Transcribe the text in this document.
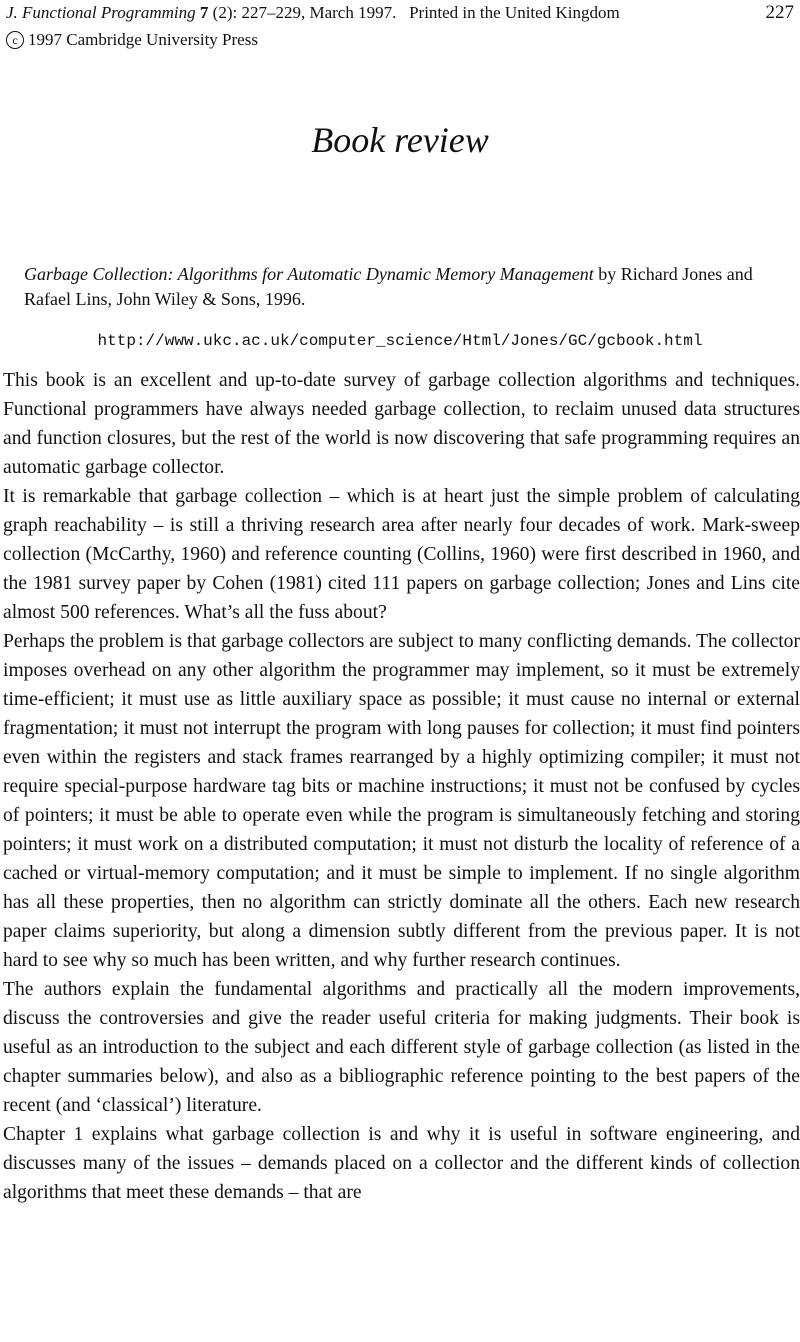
J. Functional Programming 7 (2): 227–229, March 1997. Printed in the United Kingdom	227
c 1997 Cambridge University Press
Book review
Garbage Collection: Algorithms for Automatic Dynamic Memory Management by Richard Jones and Rafael Lins, John Wiley & Sons, 1996.
http://www.ukc.ac.uk/computer_science/Html/Jones/GC/gcbook.html

This book is an excellent and up-to-date survey of garbage collection algorithms and techniques. Functional programmers have always needed garbage collection, to reclaim unused data structures and function closures, but the rest of the world is now discovering that safe programming requires an automatic garbage collector.

It is remarkable that garbage collection – which is at heart just the simple problem of calculating graph reachability – is still a thriving research area after nearly four decades of work. Mark-sweep collection (McCarthy, 1960) and reference counting (Collins, 1960) were first described in 1960, and the 1981 survey paper by Cohen (1981) cited 111 papers on garbage collection; Jones and Lins cite almost 500 references. What’s all the fuss about?

Perhaps the problem is that garbage collectors are subject to many conflicting demands. The collector imposes overhead on any other algorithm the programmer may implement, so it must be extremely time-efficient; it must use as little auxiliary space as possible; it must cause no internal or external fragmentation; it must not interrupt the program with long pauses for collection; it must find pointers even within the registers and stack frames rearranged by a highly optimizing compiler; it must not require special-purpose hardware tag bits or machine instructions; it must not be confused by cycles of pointers; it must be able to operate even while the program is simultaneously fetching and storing pointers; it must work on a distributed computation; it must not disturb the locality of reference of a cached or virtual-memory computation; and it must be simple to implement. If no single algorithm has all these properties, then no algorithm can strictly dominate all the others. Each new research paper claims superiority, but along a dimension subtly different from the previous paper. It is not hard to see why so much has been written, and why further research continues.

The authors explain the fundamental algorithms and practically all the modern improvements, discuss the controversies and give the reader useful criteria for making judgments. Their book is useful as an introduction to the subject and each different style of garbage collection (as listed in the chapter summaries below), and also as a bibliographic reference pointing to the best papers of the recent (and ‘classical’) literature.

Chapter 1 explains what garbage collection is and why it is useful in software engineering, and discusses many of the issues – demands placed on a collector and the different kinds of collection algorithms that meet these demands – that are
